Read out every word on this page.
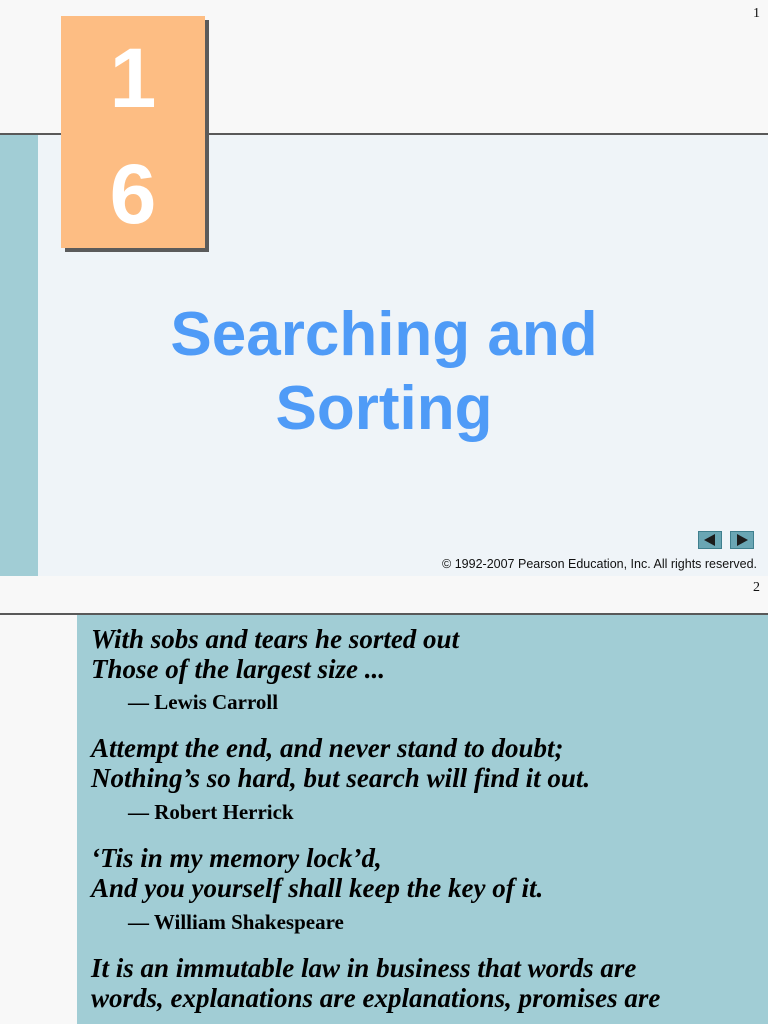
1
1
6
Searching and
Sorting
© 1992-2007 Pearson Education, Inc. All rights reserved.
2
With sobs and tears he sorted out
Those of the largest size ...
— Lewis Carroll
Attempt the end, and never stand to doubt;
Nothing’s so hard, but search will find it out.
— Robert Herrick
‘Tis in my memory lock’d,
And you yourself shall keep the key of it.
— William Shakespeare
It is an immutable law in business that words are
words, explanations are explanations, promises are
